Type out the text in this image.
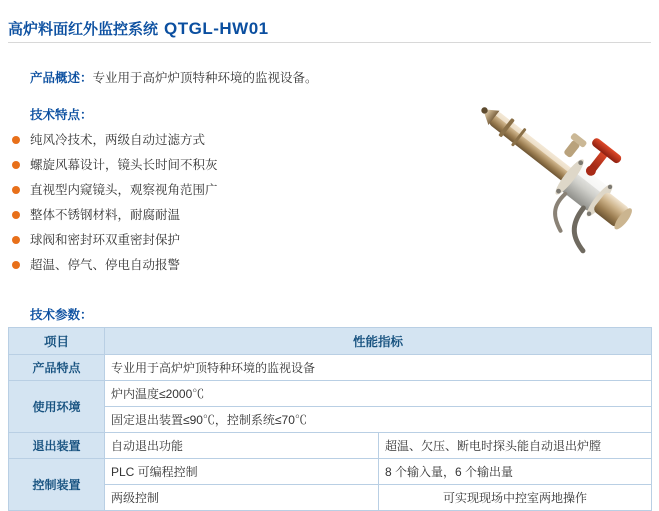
高炉料面红外监控系统 QTGL-HW01
产品概述：专业用于高炉炉顶特种环境的监视设备。
技术特点：
纯风冷技术，两级自动过滤方式
螺旋风幕设计，镜头长时间不积灰
直视型内窥镜头，观察视角范围广
整体不锈钢材料，耐腐耐温
球阀和密封环双重密封保护
超温、停气、停电自动报警
技术参数：
项目	性能指标	
产品特点	专业用于高炉炉顶特种环境的监视设备	
使用环境	炉内温度≤2000℃	
	固定退出装置≤90℃，控制系统≤70℃	
退出装置	自动退出功能	超温、欠压、断电时探头能自动退出炉膛
控制装置	PLC 可编程控制	8 个输入量，6 个输出量
	两级控制	可实现现场中控室两地操作
